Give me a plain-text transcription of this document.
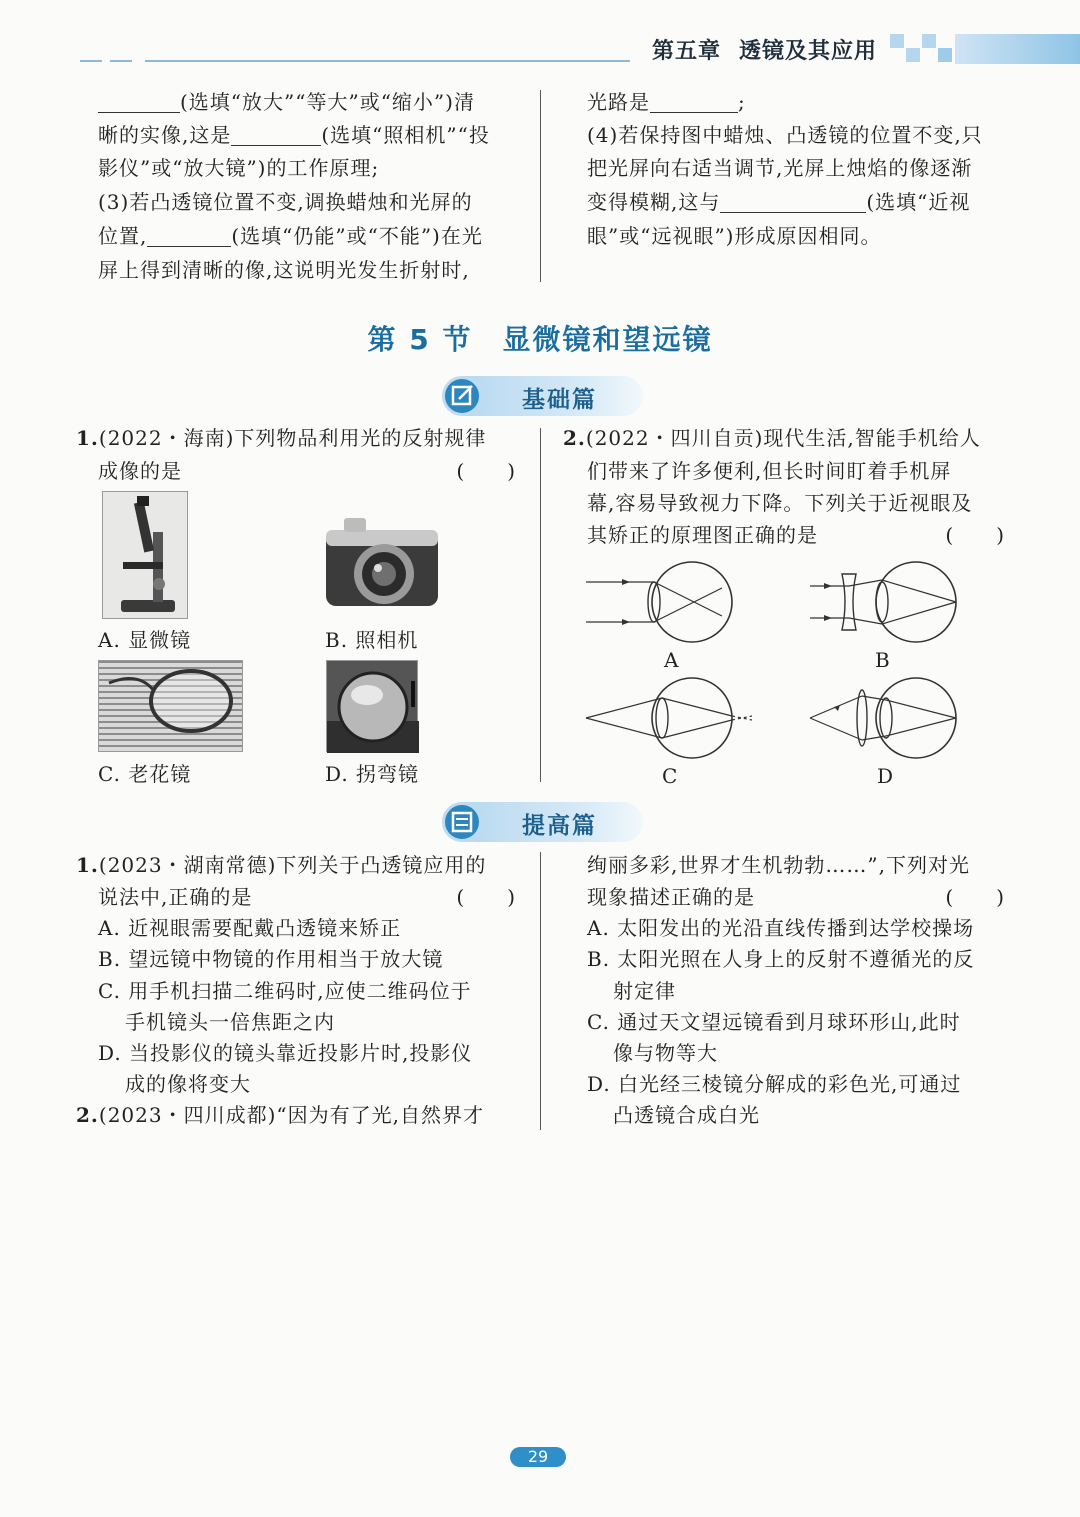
第五章 透镜及其应用
(选填“放大”“等大”或“缩小”)清
晰的实像,这是	(选填“照相机”“投
影仪”或“放大镜”)的工作原理;
(3)若凸透镜位置不变,调换蜡烛和光屏的
位置,	(选填“仍能”或“不能”)在光
屏上得到清晰的像,这说明光发生折射时,
光路是	;
(4)若保持图中蜡烛、凸透镜的位置不变,只
把光屏向右适当调节,光屏上烛焰的像逐渐
变得模糊,这与	(选填“近视
眼”或“远视眼”)形成原因相同。
第 5 节　显微镜和望远镜
基础篇
1.(2022・海南)下列物品利用光的反射规律
成像的是	(　　)
A. 显微镜	B. 照相机
C. 老花镜	D. 拐弯镜
2.(2022・四川自贡)现代生活,智能手机给人
们带来了许多便利,但长时间盯着手机屏
幕,容易导致视力下降。下列关于近视眼及
其矫正的原理图正确的是	(　　)
A	B
C	D
提高篇
1.(2023・湖南常德)下列关于凸透镜应用的
说法中,正确的是	(　　)
A. 近视眼需要配戴凸透镜来矫正
B. 望远镜中物镜的作用相当于放大镜
C. 用手机扫描二维码时,应使二维码位于
手机镜头一倍焦距之内
D. 当投影仪的镜头靠近投影片时,投影仪
成的像将变大
2.(2023・四川成都)“因为有了光,自然界才
绚丽多彩,世界才生机勃勃……”,下列对光
现象描述正确的是	(　　)
A. 太阳发出的光沿直线传播到达学校操场
B. 太阳光照在人身上的反射不遵循光的反
射定律
C. 通过天文望远镜看到月球环形山,此时
像与物等大
D. 白光经三棱镜分解成的彩色光,可通过
凸透镜合成白光
29
